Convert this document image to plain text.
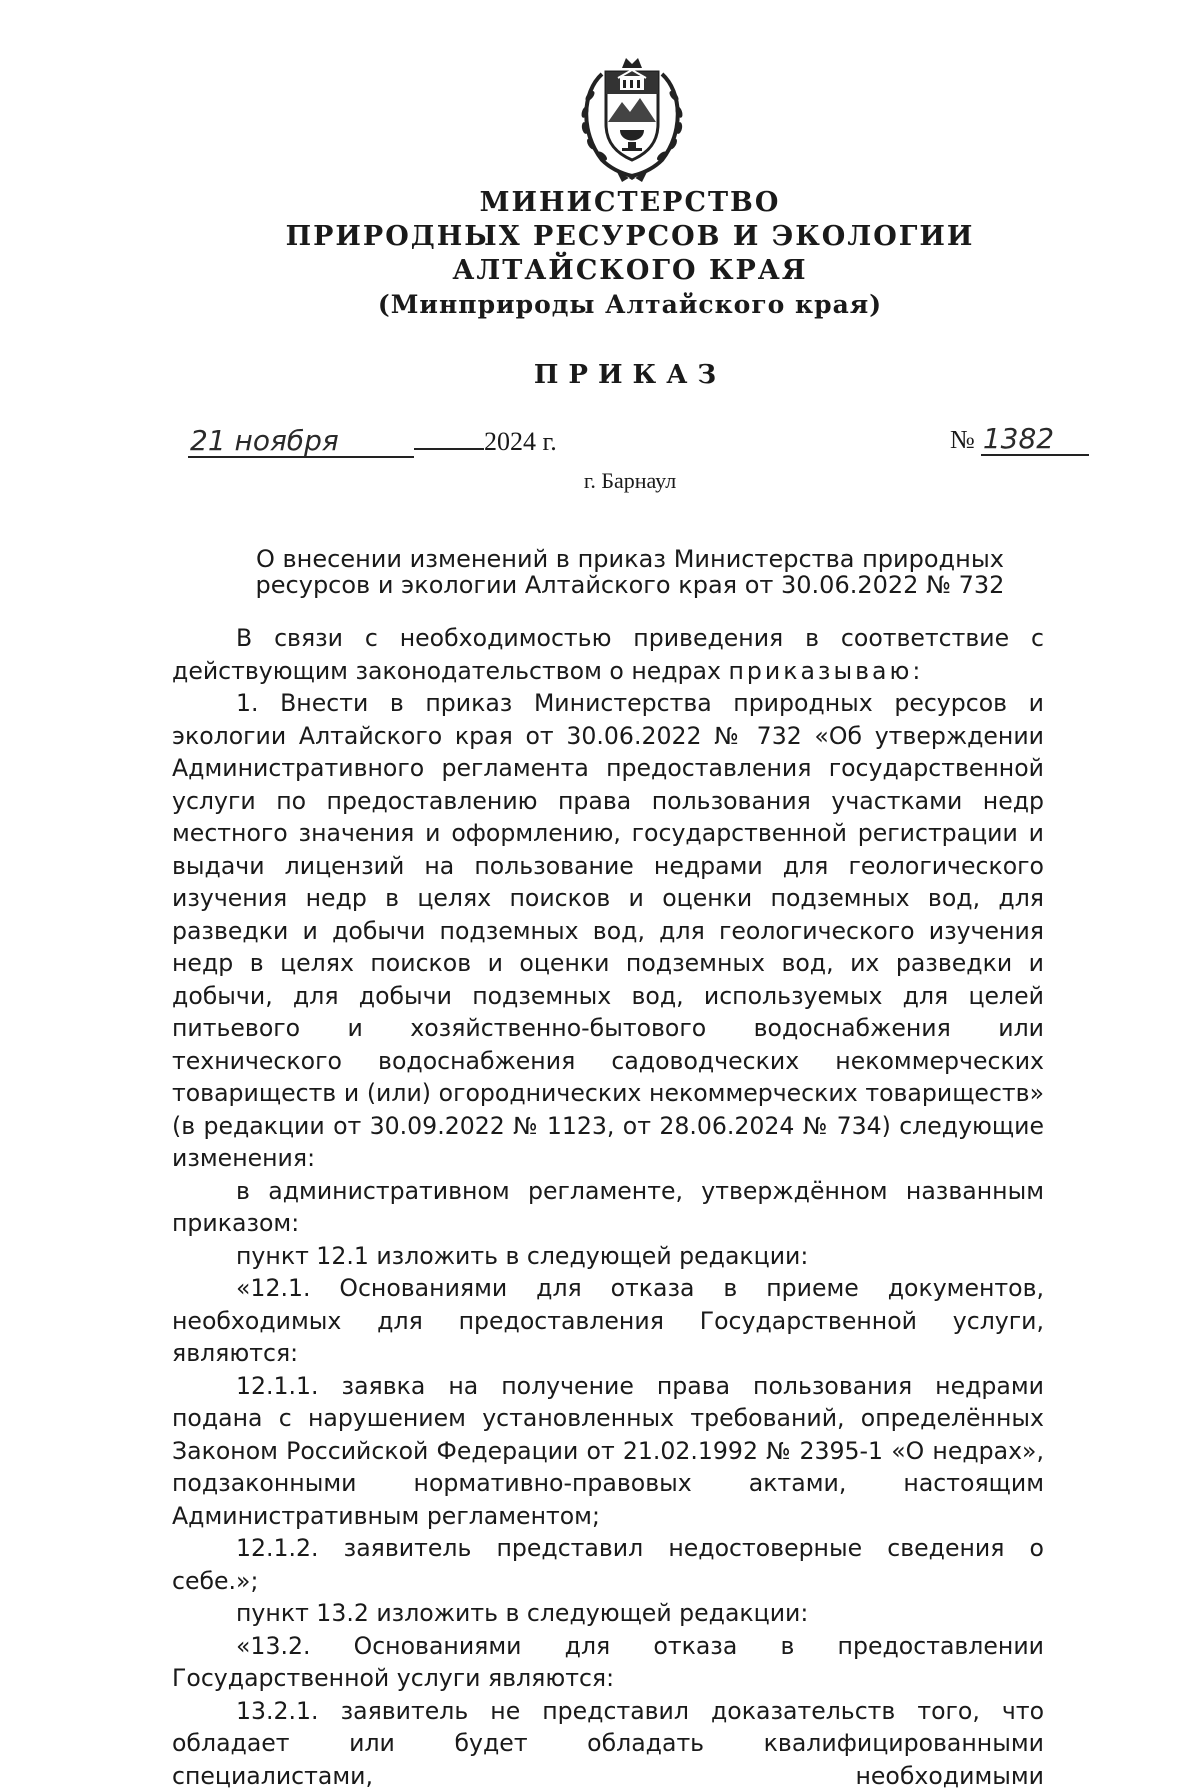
МИНИСТЕРСТВО
ПРИРОДНЫХ РЕСУРСОВ И ЭКОЛОГИИ
АЛТАЙСКОГО КРАЯ
(Минприроды Алтайского края)
ПРИКАЗ
21 ноября	2024 г.	№ 1382
г. Барнаул
О внесении изменений в приказ Министерства природных
ресурсов и экологии Алтайского края от 30.06.2022 № 732

В связи с необходимостью приведения в соответствие с действующим законодательством о недрах приказываю:

1. Внести в приказ Министерства природных ресурсов и экологии Алтайского края от 30.06.2022 № 732 «Об утверждении Административного регламента предоставления государственной услуги по предоставлению права пользования участками недр местного значения и оформлению, государственной регистрации и выдачи лицензий на пользование недрами для геологического изучения недр в целях поисков и оценки подземных вод, для разведки и добычи подземных вод, для геологического изучения недр в целях поисков и оценки подземных вод, их разведки и добычи, для добычи подземных вод, используемых для целей питьевого и хозяйственно-бытового водоснабжения или технического водоснабжения садоводческих некоммерческих товариществ и (или) огороднических некоммерческих товариществ» (в редакции от 30.09.2022 № 1123, от 28.06.2024 № 734) следующие изменения:

в административном регламенте, утверждённом названным приказом:

пункт 12.1 изложить в следующей редакции:

«12.1. Основаниями для отказа в приеме документов, необходимых для предоставления Государственной услуги, являются:

12.1.1. заявка на получение права пользования недрами подана с нарушением установленных требований, определённых Законом Российской Федерации от 21.02.1992 № 2395-1 «О недрах», подзаконными нормативно-правовых актами, настоящим Административным регламентом;

12.1.2. заявитель представил недостоверные сведения о себе.»;

пункт 13.2 изложить в следующей редакции:

«13.2. Основаниями для отказа в предоставлении Государственной услуги являются:

13.2.1. заявитель не представил доказательств того, что обладает или будет обладать квалифицированными специалистами, необходимыми
